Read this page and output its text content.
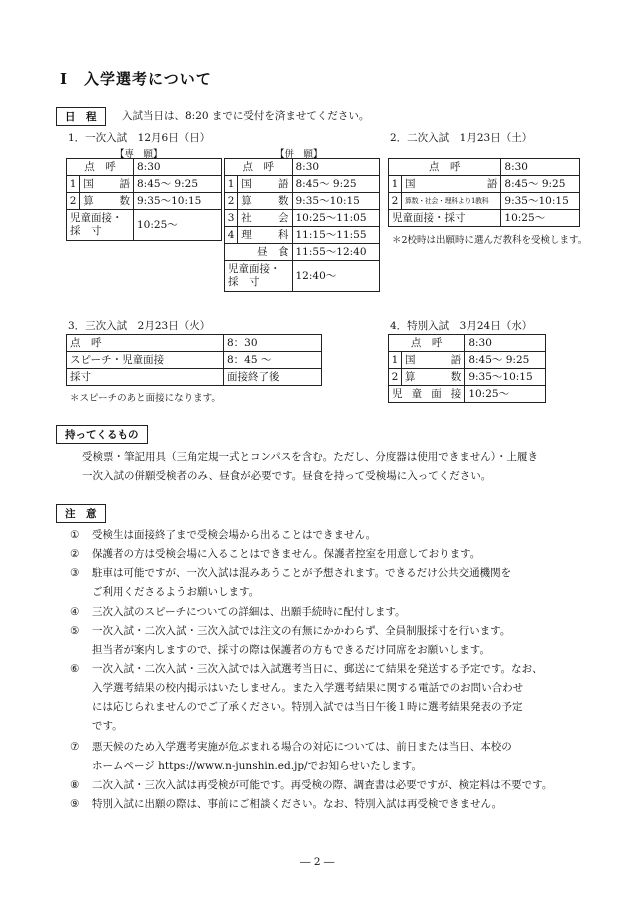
Ⅰ　入学選考について
日　程	入試当日は、8:20 までに受付を済ませてください。
1．一次入試　12月6日（日）
【専　願】	【併　願】
点　呼		8:30
1	国　語	8:45〜 9:25
2	算　数	9:35〜10:15
児童面接・採　寸		10:25〜
点　呼		8:30
1	国　語	8:45〜 9:25
2	算　数	9:35〜10:15
3	社　会	10:25〜11:05
4	理　科	11:15〜11:55
昼　食		11:55〜12:40
児童面接・採　寸		12:40〜
2．二次入試　1月23日（土）
点　呼		8:30
1	国　語	8:45〜 9:25
2	算数・社会・理科より1教科	9:35〜10:15
児童面接・採寸		10:25〜
＊2校時は出願時に選んだ教科を受検します。
3．三次入試　2月23日（火）
点　呼	8：30
スピーチ・児童面接	8：45 〜
採寸	面接終了後
＊スピーチのあと面接になります。
4．特別入試　3月24日（水）
点　呼		8:30
1	国　語	8:45〜 9:25
2	算　数	9:35〜10:15
児童面接		10:25〜
持ってくるもの
受検票・筆記用具（三角定規一式とコンパスを含む。ただし、分度器は使用できません）・上履き
一次入試の併願受検者のみ、昼食が必要です。昼食を持って受検場に入ってください。
注　意
① 受検生は面接終了まで受検会場から出ることはできません。
② 保護者の方は受検会場に入ることはできません。保護者控室を用意しております。
③ 駐車は可能ですが、一次入試は混みあうことが予想されます。できるだけ公共交通機関を
ご利用くださるようお願いします。
④ 三次入試のスピーチについての詳細は、出願手続時に配付します。
⑤ 一次入試・二次入試・三次入試では注文の有無にかかわらず、全員制服採寸を行います。
担当者が案内しますので、採寸の際は保護者の方もできるだけ同席をお願いします。
⑥ 一次入試・二次入試・三次入試では入試選考当日に、郵送にて結果を発送する予定です。なお、
入学選考結果の校内掲示はいたしません。また入学選考結果に関する電話でのお問い合わせ
には応じられませんのでご了承ください。特別入試では当日午後１時に選考結果発表の予定
です。
⑦ 悪天候のため入学選考実施が危ぶまれる場合の対応については、前日または当日、本校の
ホームページ https://www.n-junshin.ed.jp/でお知らせいたします。
⑧ 二次入試・三次入試は再受検が可能です。再受検の際、調査書は必要ですが、検定料は不要です。
⑨ 特別入試に出願の際は、事前にご相談ください。なお、特別入試は再受検できません。
― 2 ―
